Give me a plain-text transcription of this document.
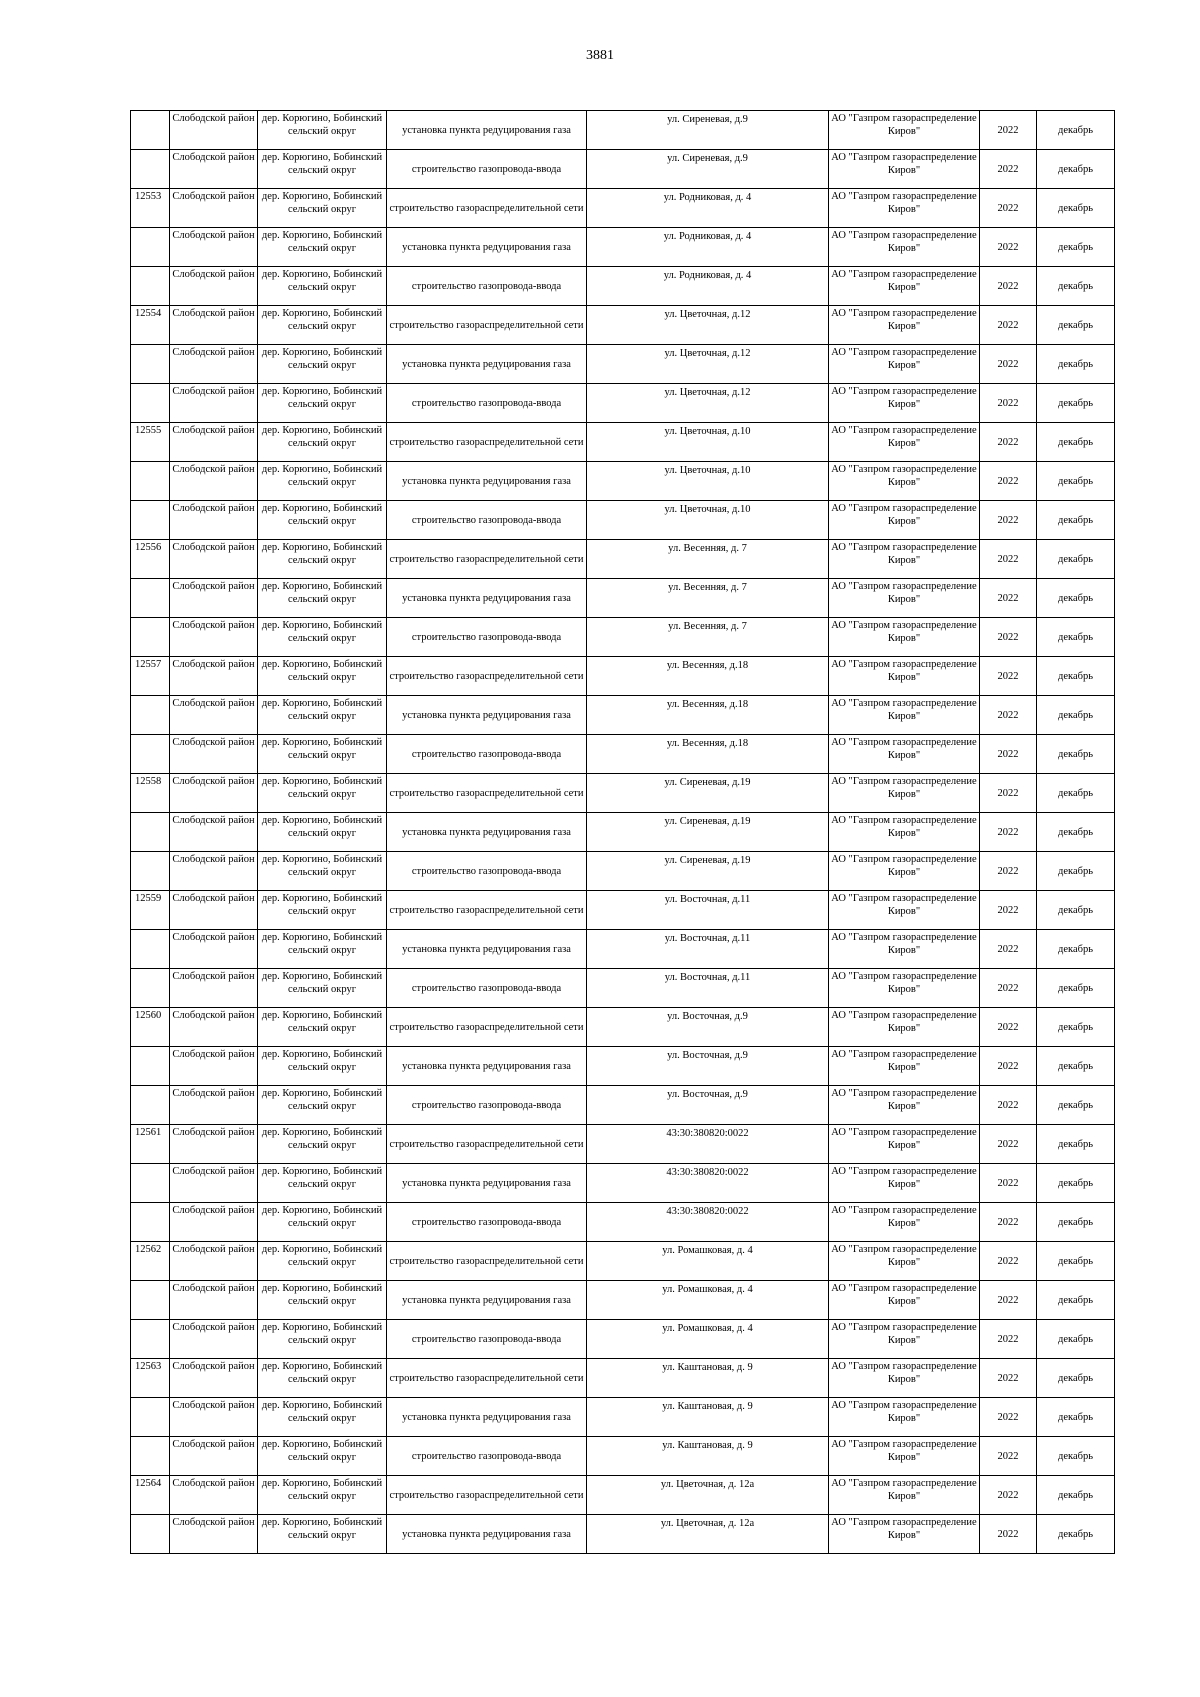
3881
	Слободской район	дер. Корюгино, Бобинский сельский округ	установка пункта редуцирования газа	ул. Сиреневая, д.9	АО "Газпром газораспределение Киров"	2022	декабрь
	Слободской район	дер. Корюгино, Бобинский сельский округ	строительство газопровода-ввода	ул. Сиреневая, д.9	АО "Газпром газораспределение Киров"	2022	декабрь
12553	Слободской район	дер. Корюгино, Бобинский сельский округ	строительство газораспределительной сети	ул. Родниковая, д. 4	АО "Газпром газораспределение Киров"	2022	декабрь
	Слободской район	дер. Корюгино, Бобинский сельский округ	установка пункта редуцирования газа	ул. Родниковая, д. 4	АО "Газпром газораспределение Киров"	2022	декабрь
	Слободской район	дер. Корюгино, Бобинский сельский округ	строительство газопровода-ввода	ул. Родниковая, д. 4	АО "Газпром газораспределение Киров"	2022	декабрь
12554	Слободской район	дер. Корюгино, Бобинский сельский округ	строительство газораспределительной сети	ул. Цветочная, д.12	АО "Газпром газораспределение Киров"	2022	декабрь
	Слободской район	дер. Корюгино, Бобинский сельский округ	установка пункта редуцирования газа	ул. Цветочная, д.12	АО "Газпром газораспределение Киров"	2022	декабрь
	Слободской район	дер. Корюгино, Бобинский сельский округ	строительство газопровода-ввода	ул. Цветочная, д.12	АО "Газпром газораспределение Киров"	2022	декабрь
12555	Слободской район	дер. Корюгино, Бобинский сельский округ	строительство газораспределительной сети	ул. Цветочная, д.10	АО "Газпром газораспределение Киров"	2022	декабрь
	Слободской район	дер. Корюгино, Бобинский сельский округ	установка пункта редуцирования газа	ул. Цветочная, д.10	АО "Газпром газораспределение Киров"	2022	декабрь
	Слободской район	дер. Корюгино, Бобинский сельский округ	строительство газопровода-ввода	ул. Цветочная, д.10	АО "Газпром газораспределение Киров"	2022	декабрь
12556	Слободской район	дер. Корюгино, Бобинский сельский округ	строительство газораспределительной сети	ул. Весенняя, д. 7	АО "Газпром газораспределение Киров"	2022	декабрь
	Слободской район	дер. Корюгино, Бобинский сельский округ	установка пункта редуцирования газа	ул. Весенняя, д. 7	АО "Газпром газораспределение Киров"	2022	декабрь
	Слободской район	дер. Корюгино, Бобинский сельский округ	строительство газопровода-ввода	ул. Весенняя, д. 7	АО "Газпром газораспределение Киров"	2022	декабрь
12557	Слободской район	дер. Корюгино, Бобинский сельский округ	строительство газораспределительной сети	ул. Весенняя, д.18	АО "Газпром газораспределение Киров"	2022	декабрь
	Слободской район	дер. Корюгино, Бобинский сельский округ	установка пункта редуцирования газа	ул. Весенняя, д.18	АО "Газпром газораспределение Киров"	2022	декабрь
	Слободской район	дер. Корюгино, Бобинский сельский округ	строительство газопровода-ввода	ул. Весенняя, д.18	АО "Газпром газораспределение Киров"	2022	декабрь
12558	Слободской район	дер. Корюгино, Бобинский сельский округ	строительство газораспределительной сети	ул. Сиреневая, д.19	АО "Газпром газораспределение Киров"	2022	декабрь
	Слободской район	дер. Корюгино, Бобинский сельский округ	установка пункта редуцирования газа	ул. Сиреневая, д.19	АО "Газпром газораспределение Киров"	2022	декабрь
	Слободской район	дер. Корюгино, Бобинский сельский округ	строительство газопровода-ввода	ул. Сиреневая, д.19	АО "Газпром газораспределение Киров"	2022	декабрь
12559	Слободской район	дер. Корюгино, Бобинский сельский округ	строительство газораспределительной сети	ул. Восточная, д.11	АО "Газпром газораспределение Киров"	2022	декабрь
	Слободской район	дер. Корюгино, Бобинский сельский округ	установка пункта редуцирования газа	ул. Восточная, д.11	АО "Газпром газораспределение Киров"	2022	декабрь
	Слободской район	дер. Корюгино, Бобинский сельский округ	строительство газопровода-ввода	ул. Восточная, д.11	АО "Газпром газораспределение Киров"	2022	декабрь
12560	Слободской район	дер. Корюгино, Бобинский сельский округ	строительство газораспределительной сети	ул. Восточная, д.9	АО "Газпром газораспределение Киров"	2022	декабрь
	Слободской район	дер. Корюгино, Бобинский сельский округ	установка пункта редуцирования газа	ул. Восточная, д.9	АО "Газпром газораспределение Киров"	2022	декабрь
	Слободской район	дер. Корюгино, Бобинский сельский округ	строительство газопровода-ввода	ул. Восточная, д.9	АО "Газпром газораспределение Киров"	2022	декабрь
12561	Слободской район	дер. Корюгино, Бобинский сельский округ	строительство газораспределительной сети	43:30:380820:0022	АО "Газпром газораспределение Киров"	2022	декабрь
	Слободской район	дер. Корюгино, Бобинский сельский округ	установка пункта редуцирования газа	43:30:380820:0022	АО "Газпром газораспределение Киров"	2022	декабрь
	Слободской район	дер. Корюгино, Бобинский сельский округ	строительство газопровода-ввода	43:30:380820:0022	АО "Газпром газораспределение Киров"	2022	декабрь
12562	Слободской район	дер. Корюгино, Бобинский сельский округ	строительство газораспределительной сети	ул. Ромашковая, д. 4	АО "Газпром газораспределение Киров"	2022	декабрь
	Слободской район	дер. Корюгино, Бобинский сельский округ	установка пункта редуцирования газа	ул. Ромашковая, д. 4	АО "Газпром газораспределение Киров"	2022	декабрь
	Слободской район	дер. Корюгино, Бобинский сельский округ	строительство газопровода-ввода	ул. Ромашковая, д. 4	АО "Газпром газораспределение Киров"	2022	декабрь
12563	Слободской район	дер. Корюгино, Бобинский сельский округ	строительство газораспределительной сети	ул. Каштановая, д. 9	АО "Газпром газораспределение Киров"	2022	декабрь
	Слободской район	дер. Корюгино, Бобинский сельский округ	установка пункта редуцирования газа	ул. Каштановая, д. 9	АО "Газпром газораспределение Киров"	2022	декабрь
	Слободской район	дер. Корюгино, Бобинский сельский округ	строительство газопровода-ввода	ул. Каштановая, д. 9	АО "Газпром газораспределение Киров"	2022	декабрь
12564	Слободской район	дер. Корюгино, Бобинский сельский округ	строительство газораспределительной сети	ул. Цветочная, д. 12а	АО "Газпром газораспределение Киров"	2022	декабрь
	Слободской район	дер. Корюгино, Бобинский сельский округ	установка пункта редуцирования газа	ул. Цветочная, д. 12а	АО "Газпром газораспределение Киров"	2022	декабрь
